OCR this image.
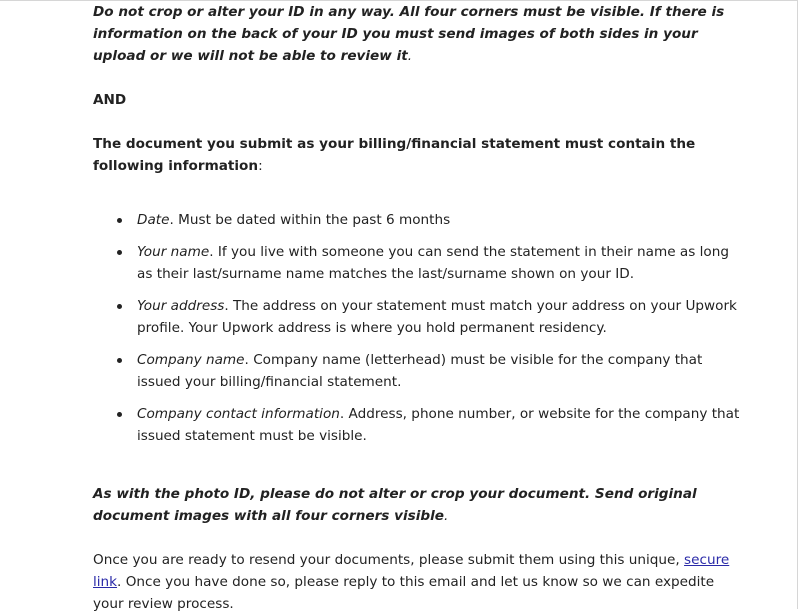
Do not crop or alter your ID in any way. All four corners must be visible. If there is information on the back of your ID you must send images of both sides in your upload or we will not be able to review it.

AND

The document you submit as your billing/financial statement must contain the following information:

Date. Must be dated within the past 6 months
Your name. If you live with someone you can send the statement in their name as long as their last/surname name matches the last/surname shown on your ID.
Your address. The address on your statement must match your address on your Upwork profile. Your Upwork address is where you hold permanent residency.
Company name. Company name (letterhead) must be visible for the company that issued your billing/financial statement.
Company contact information. Address, phone number, or website for the company that issued statement must be visible.

As with the photo ID, please do not alter or crop your document. Send original document images with all four corners visible.

Once you are ready to resend your documents, please submit them using this unique, secure link. Once you have done so, please reply to this email and let us know so we can expedite your review process.
